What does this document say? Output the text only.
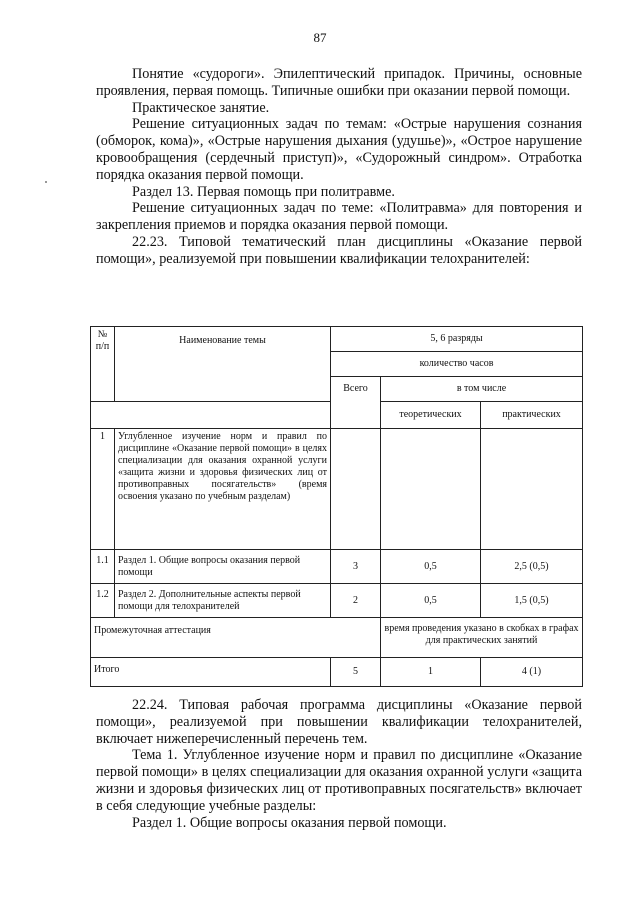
87

Понятие «судороги». Эпилептический припадок. Причины, основные проявления, первая помощь. Типичные ошибки при оказании первой помощи.

Практическое занятие.

Решение ситуационных задач по темам: «Острые нарушения сознания (обморок, кома)», «Острые нарушения дыхания (удушье)», «Острое нарушение кровообращения (сердечный приступ)», «Судорожный синдром». Отработка порядка оказания первой помощи.

Раздел 13. Первая помощь при политравме.

Решение ситуационных задач по теме: «Политравма» для повторения и закрепления приемов и порядка оказания первой помощи.

22.23. Типовой тематический план дисциплины «Оказание первой помощи», реализуемой при повышении квалификации телохранителей:

№ п/п	Наименование темы	5, 6 разряды		
		количество часов		
		Всего	в том числе	
			теоретических	практических
1	Углубленное изучение норм и правил по дисциплине «Оказание первой помощи» в целях специализации для оказания охранной услуги «защита жизни и здоровья физических лиц от противоправных посягательств» (время освоения указано по учебным разделам)			
1.1	Раздел 1. Общие вопросы оказания первой помощи	3	0,5	2,5 (0,5)
1.2	Раздел 2. Дополнительные аспекты первой помощи для телохранителей	2	0,5	1,5 (0,5)
Промежуточная аттестация			время проведения указано в скобках в графах для практических занятий	
Итого		5	1	4 (1)

22.24. Типовая рабочая программа дисциплины «Оказание первой помощи», реализуемой при повышении квалификации телохранителей, включает нижеперечисленный перечень тем.

Тема 1. Углубленное изучение норм и правил по дисциплине «Оказание первой помощи» в целях специализации для оказания охранной услуги «защита жизни и здоровья физических лиц от противоправных посягательств» включает в себя следующие учебные разделы:

Раздел 1. Общие вопросы оказания первой помощи.
